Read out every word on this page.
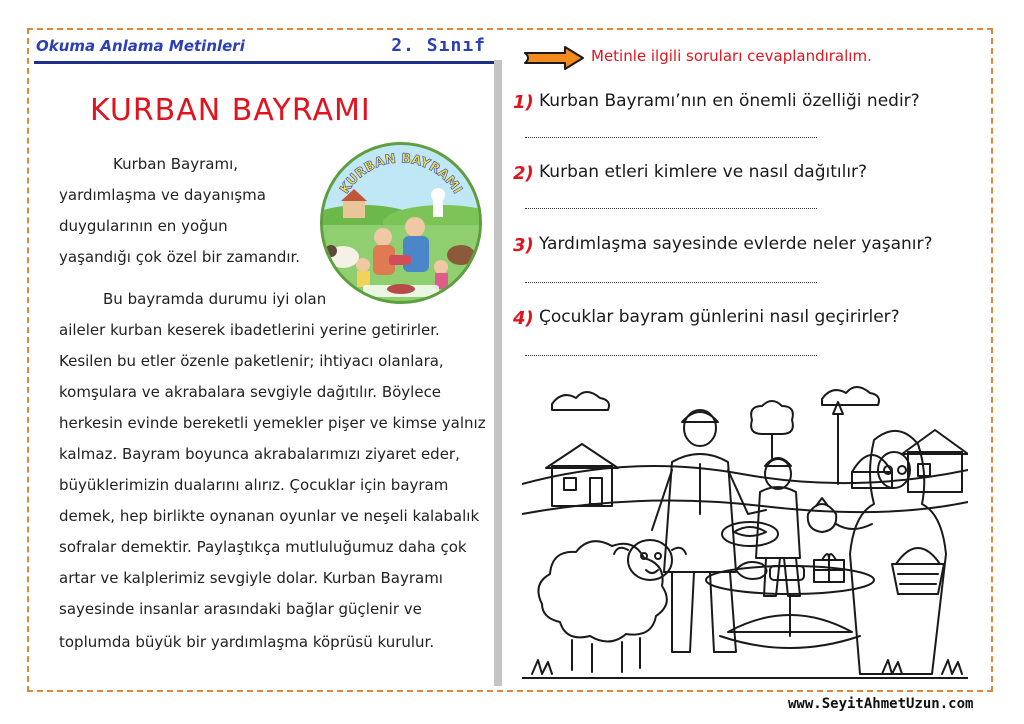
Okuma Anlama Metinleri	2. Sınıf
KURBAN BAYRAMI
KURBAN BAYRAMI
Kurban Bayramı,
yardımlaşma ve dayanışma
duygularının en yoğun
yaşandığı çok özel bir zamandır.
Bu bayramda durumu iyi olan
aileler kurban keserek ibadetlerini yerine getirirler.
Kesilen bu etler özenle paketlenir; ihtiyacı olanlara,
komşulara ve akrabalara sevgiyle dağıtılır. Böylece
herkesin evinde bereketli yemekler pişer ve kimse yalnız
kalmaz. Bayram boyunca akrabalarımızı ziyaret eder,
büyüklerimizin dualarını alırız. Çocuklar için bayram
demek, hep birlikte oynanan oyunlar ve neşeli kalabalık
sofralar demektir. Paylaştıkça mutluluğumuz daha çok
artar ve kalplerimiz sevgiyle dolar. Kurban Bayramı
sayesinde insanlar arasındaki bağlar güçlenir ve
toplumda büyük bir yardımlaşma köprüsü kurulur.
Metinle ilgili soruları cevaplandıralım.
1) Kurban Bayramı’nın en önemli özelliği nedir?
2) Kurban etleri kimlere ve nasıl dağıtılır?
3) Yardımlaşma sayesinde evlerde neler yaşanır?
4) Çocuklar bayram günlerini nasıl geçirirler?
www.SeyitAhmetUzun.com
